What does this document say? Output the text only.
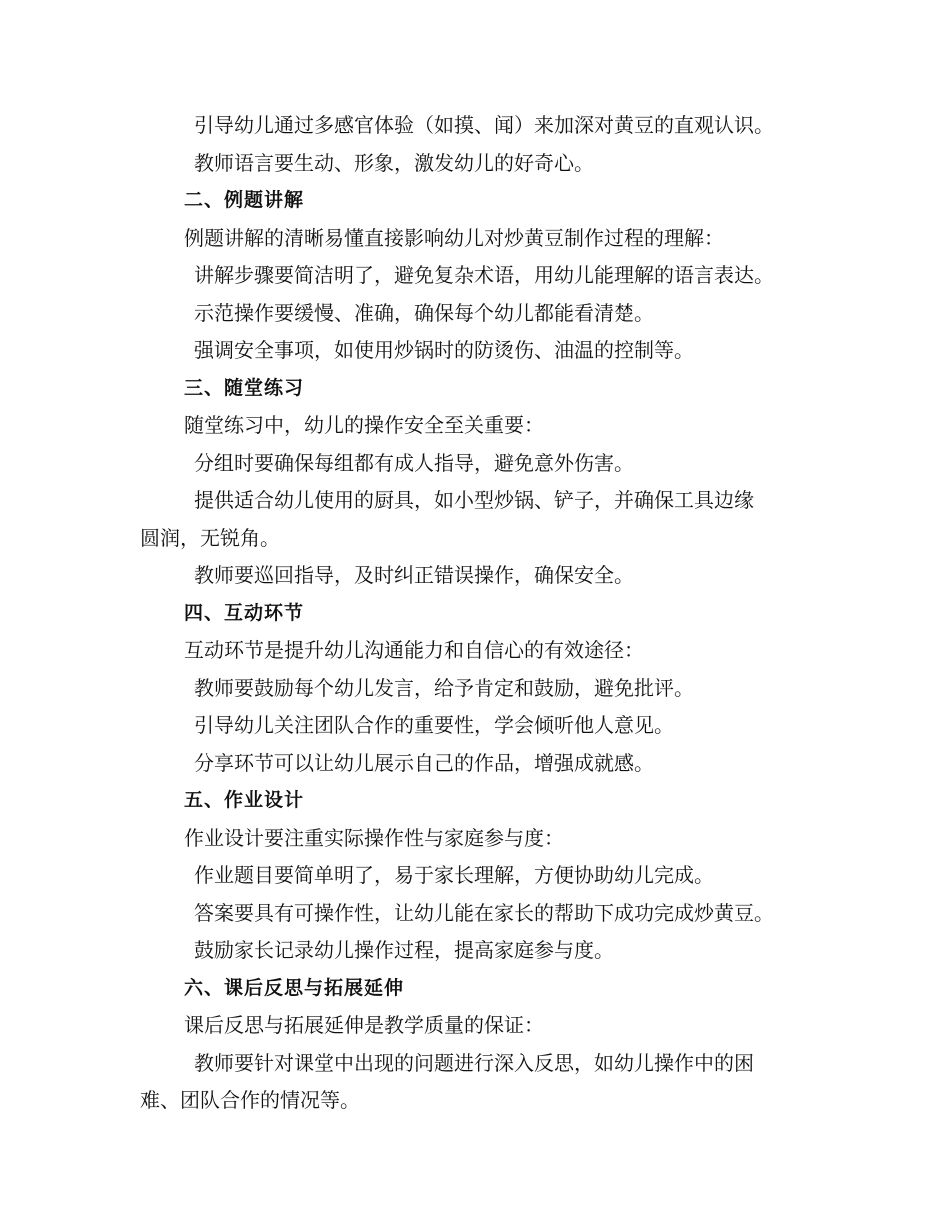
引导幼儿通过多感官体验（如摸、闻）来加深对黄豆的直观认识。
教师语言要生动、形象，激发幼儿的好奇心。
二、例题讲解
例题讲解的清晰易懂直接影响幼儿对炒黄豆制作过程的理解：
讲解步骤要简洁明了，避免复杂术语，用幼儿能理解的语言表达。
示范操作要缓慢、准确，确保每个幼儿都能看清楚。
强调安全事项，如使用炒锅时的防烫伤、油温的控制等。
三、随堂练习
随堂练习中，幼儿的操作安全至关重要：
分组时要确保每组都有成人指导，避免意外伤害。
提供适合幼儿使用的厨具，如小型炒锅、铲子，并确保工具边缘
圆润，无锐角。
教师要巡回指导，及时纠正错误操作，确保安全。
四、互动环节
互动环节是提升幼儿沟通能力和自信心的有效途径：
教师要鼓励每个幼儿发言，给予肯定和鼓励，避免批评。
引导幼儿关注团队合作的重要性，学会倾听他人意见。
分享环节可以让幼儿展示自己的作品，增强成就感。
五、作业设计
作业设计要注重实际操作性与家庭参与度：
作业题目要简单明了，易于家长理解，方便协助幼儿完成。
答案要具有可操作性，让幼儿能在家长的帮助下成功完成炒黄豆。
鼓励家长记录幼儿操作过程，提高家庭参与度。
六、课后反思与拓展延伸
课后反思与拓展延伸是教学质量的保证：
教师要针对课堂中出现的问题进行深入反思，如幼儿操作中的困
难、团队合作的情况等。
